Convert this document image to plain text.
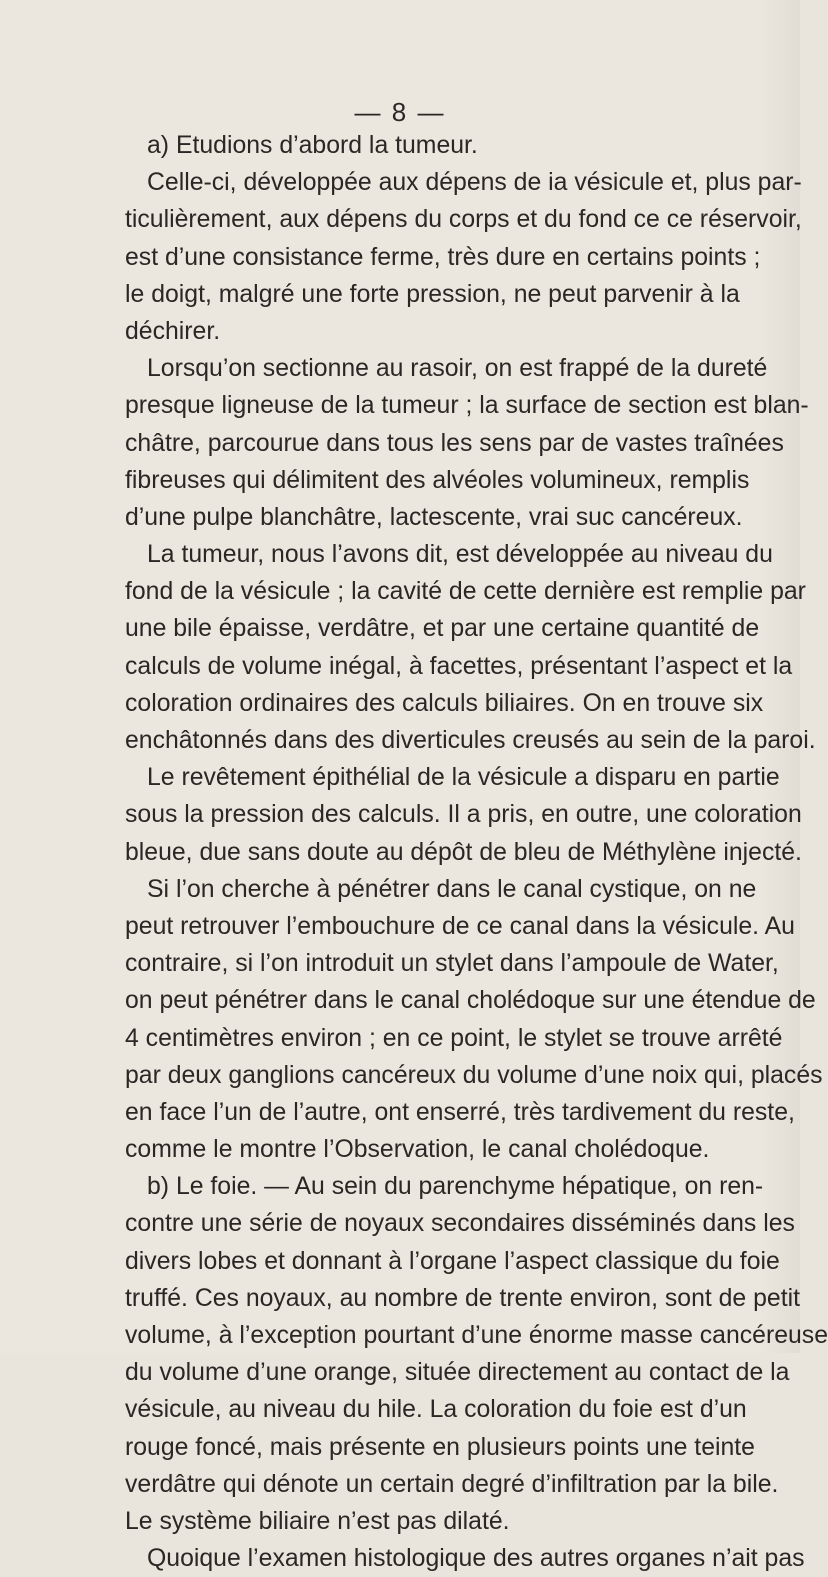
— 8 —
a) Etudions d’abord la tumeur.
Celle-ci, développée aux dépens de ia vésicule et, plus par-
ticulièrement, aux dépens du corps et du fond ce ce réservoir,
est d’une consistance ferme, très dure en certains points ;
le doigt, malgré une forte pression, ne peut parvenir à la
déchirer.
Lorsqu’on sectionne au rasoir, on est frappé de la dureté
presque ligneuse de la tumeur ; la surface de section est blan-
châtre, parcourue dans tous les sens par de vastes traînées
fibreuses qui délimitent des alvéoles volumineux, remplis
d’une pulpe blanchâtre, lactescente, vrai suc cancéreux.
La tumeur, nous l’avons dit, est développée au niveau du
fond de la vésicule ; la cavité de cette dernière est remplie par
une bile épaisse, verdâtre, et par une certaine quantité de
calculs de volume inégal, à facettes, présentant l’aspect et la
coloration ordinaires des calculs biliaires. On en trouve six
enchâtonnés dans des diverticules creusés au sein de la paroi.
Le revêtement épithélial de la vésicule a disparu en partie
sous la pression des calculs. Il a pris, en outre, une coloration
bleue, due sans doute au dépôt de bleu de Méthylène injecté.
Si l’on cherche à pénétrer dans le canal cystique, on ne
peut retrouver l’embouchure de ce canal dans la vésicule. Au
contraire, si l’on introduit un stylet dans l’ampoule de Water,
on peut pénétrer dans le canal cholédoque sur une étendue de
4 centimètres environ ; en ce point, le stylet se trouve arrêté
par deux ganglions cancéreux du volume d’une noix qui, placés
en face l’un de l’autre, ont enserré, très tardivement du reste,
comme le montre l’Observation, le canal cholédoque.
b) Le foie. — Au sein du parenchyme hépatique, on ren-
contre une série de noyaux secondaires disséminés dans les
divers lobes et donnant à l’organe l’aspect classique du foie
truffé. Ces noyaux, au nombre de trente environ, sont de petit
volume, à l’exception pourtant d’une énorme masse cancéreuse
du volume d’une orange, située directement au contact de la
vésicule, au niveau du hile. La coloration du foie est d’un
rouge foncé, mais présente en plusieurs points une teinte
verdâtre qui dénote un certain degré d’infiltration par la bile.
Le système biliaire n’est pas dilaté.
Quoique l’examen histologique des autres organes n’ait pas
